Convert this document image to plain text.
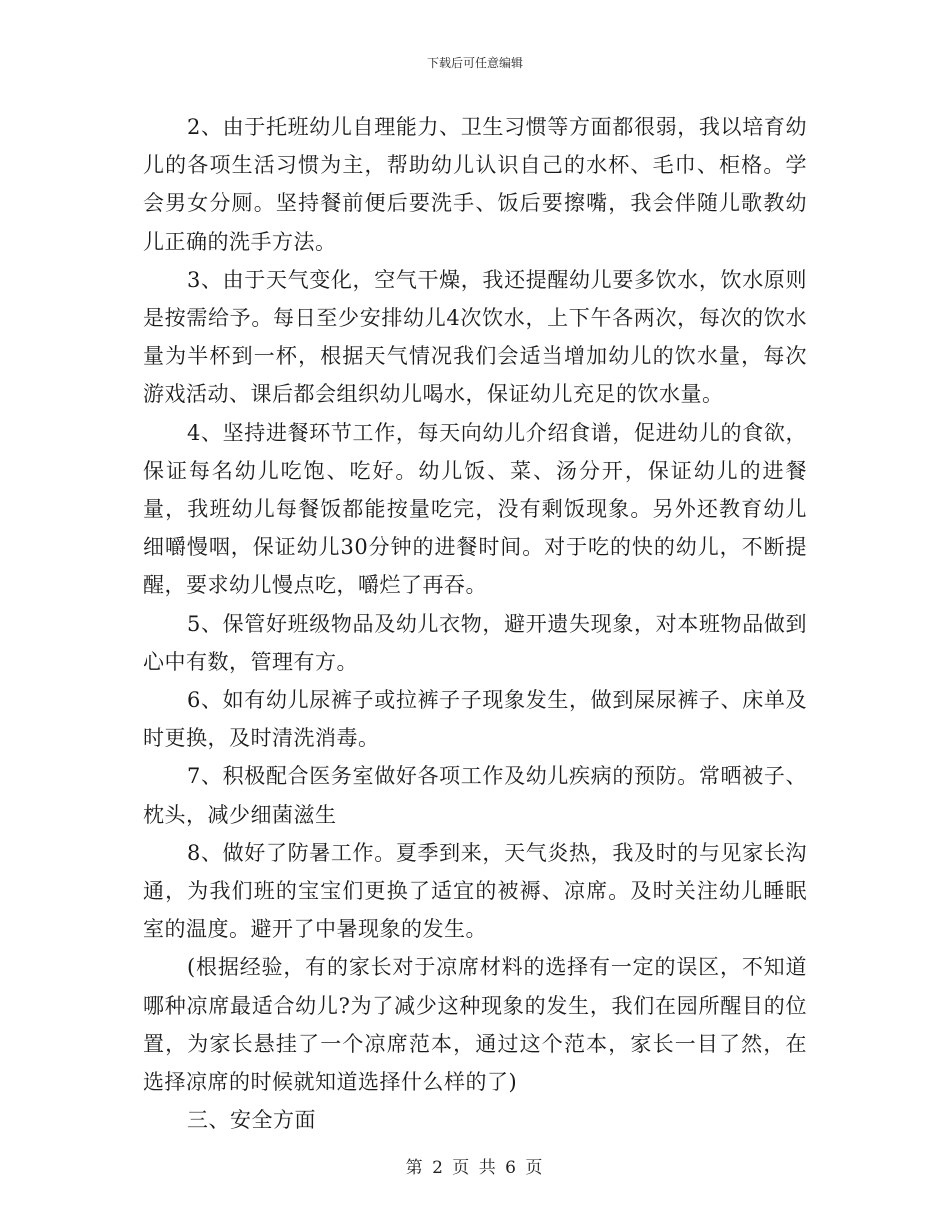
下载后可任意编辑

2、由于托班幼儿自理能力、卫生习惯等方面都很弱，我以培育幼儿的各项生活习惯为主，帮助幼儿认识自己的水杯、毛巾、柜格。学会男女分厕。坚持餐前便后要洗手、饭后要擦嘴，我会伴随儿歌教幼儿正确的洗手方法。

3、由于天气变化，空气干燥，我还提醒幼儿要多饮水，饮水原则是按需给予。每日至少安排幼儿4次饮水，上下午各两次，每次的饮水量为半杯到一杯，根据天气情况我们会适当增加幼儿的饮水量，每次游戏活动、课后都会组织幼儿喝水，保证幼儿充足的饮水量。

4、坚持进餐环节工作，每天向幼儿介绍食谱，促进幼儿的食欲，保证每名幼儿吃饱、吃好。幼儿饭、菜、汤分开，保证幼儿的进餐量，我班幼儿每餐饭都能按量吃完，没有剩饭现象。另外还教育幼儿细嚼慢咽，保证幼儿30分钟的进餐时间。对于吃的快的幼儿，不断提醒，要求幼儿慢点吃，嚼烂了再吞。

5、保管好班级物品及幼儿衣物，避开遗失现象，对本班物品做到心中有数，管理有方。

6、如有幼儿尿裤子或拉裤子子现象发生，做到屎尿裤子、床单及时更换，及时清洗消毒。

7、积极配合医务室做好各项工作及幼儿疾病的预防。常晒被子、枕头，减少细菌滋生

8、做好了防暑工作。夏季到来，天气炎热，我及时的与见家长沟通，为我们班的宝宝们更换了适宜的被褥、凉席。及时关注幼儿睡眠室的温度。避开了中暑现象的发生。

(根据经验，有的家长对于凉席材料的选择有一定的误区，不知道哪种凉席最适合幼儿?为了减少这种现象的发生，我们在园所醒目的位置，为家长悬挂了一个凉席范本，通过这个范本，家长一目了然，在选择凉席的时候就知道选择什么样的了)

三、安全方面

第 2 页 共 6 页
